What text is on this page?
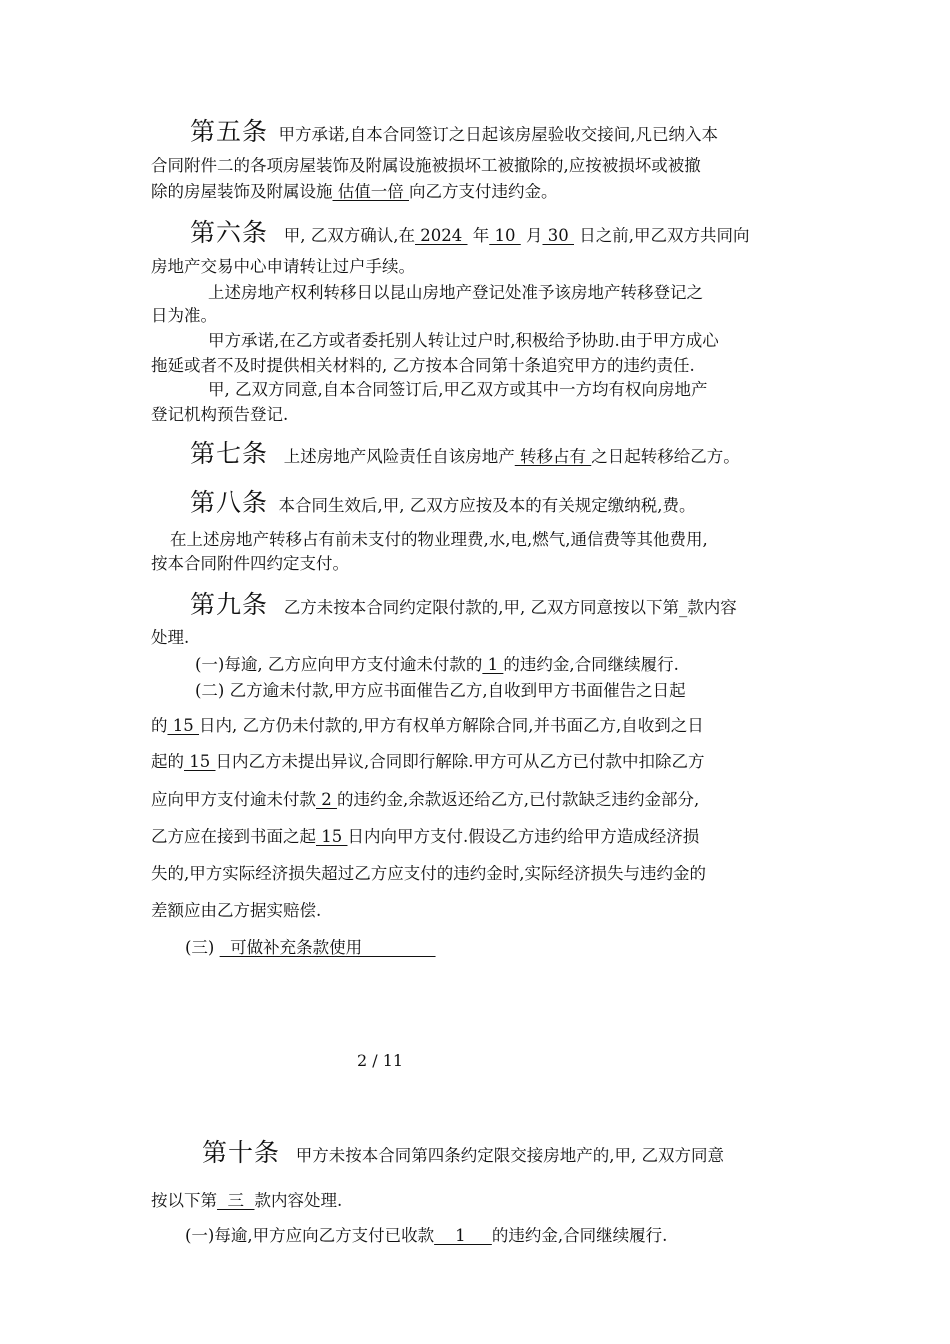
第五条 甲方承诺,自本合同签订之日起该房屋验收交接间,凡已纳入本
合同附件二的各项房屋装饰及附属设施被损坏工被撤除的,应按被损坏或被撤
除的房屋装饰及附属设施 估值一倍 向乙方支付违约金。
第六条 甲, 乙双方确认,在 2024  年 10  月 30  日之前,甲乙双方共同向
房地产交易中心申请转让过户手续。
上述房地产权利转移日以昆山房地产登记处准予该房地产转移登记之
日为准。
甲方承诺,在乙方或者委托别人转让过户时,积极给予协助.由于甲方成心
拖延或者不及时提供相关材料的, 乙方按本合同第十条追究甲方的违约责任.
甲, 乙双方同意,自本合同签订后,甲乙双方或其中一方均有权向房地产
登记机构预告登记.
第七条 上述房地产风险责任自该房地产 转移占有 之日起转移给乙方。
第八条 本合同生效后,甲, 乙双方应按及本的有关规定缴纳税,费。
在上述房地产转移占有前未支付的物业理费,水,电,燃气,通信费等其他费用,
按本合同附件四约定支付。
第九条 乙方未按本合同约定限付款的,甲, 乙双方同意按以下第_款内容
处理.
(一)每逾, 乙方应向甲方支付逾未付款的 1 的违约金,合同继续履行.
(二) 乙方逾未付款,甲方应书面催告乙方,自收到甲方书面催告之日起
的 15 日内, 乙方仍未付款的,甲方有权单方解除合同,并书面乙方,自收到之日
起的 15 日内乙方未提出异议,合同即行解除.甲方可从乙方已付款中扣除乙方
应向甲方支付逾未付款 2 的违约金,余款返还给乙方,已付款缺乏违约金部分,
乙方应在接到书面之起 15 日内向甲方支付.假设乙方违约给甲方造成经济损
失的,甲方实际经济损失超过乙方应支付的违约金时,实际经济损失与违约金的
差额应由乙方据实赔偿.
(三)   可做补充条款使用
2 / 11
第十条 甲方未按本合同第四条约定限交接房地产的,甲, 乙双方同意
按以下第  三  款内容处理.
(一)每逾,甲方应向乙方支付已收款    1     的违约金,合同继续履行.
